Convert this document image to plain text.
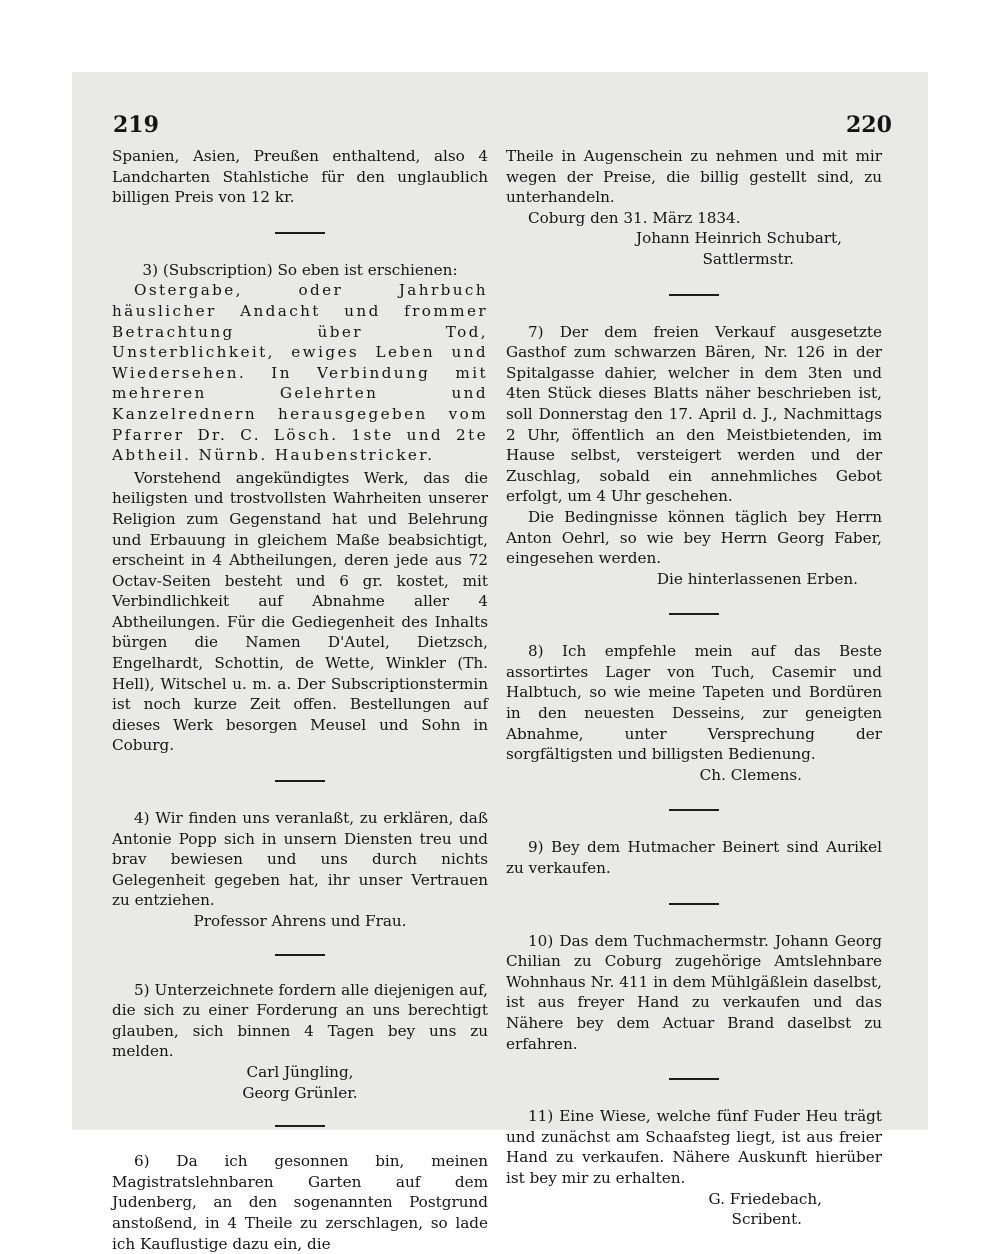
219	220

Spanien, Asien, Preußen enthaltend, also 4 Landcharten Stahlstiche für den unglaublich billigen Preis von 12 kr.

3) (Subscription) So eben ist erschienen:

Ostergabe, oder Jahrbuch häuslicher Andacht und frommer Betrachtung über Tod, Unsterblichkeit, ewiges Leben und Wiedersehen. In Verbindung mit mehreren Gelehrten und Kanzelrednern herausgegeben vom Pfarrer Dr. C. Lösch. 1ste und 2te Abtheil. Nürnb. Haubenstricker.

Vorstehend angekündigtes Werk, das die heiligsten und trostvollsten Wahrheiten unserer Religion zum Gegenstand hat und Belehrung und Erbauung in gleichem Maße beabsichtigt, erscheint in 4 Abtheilungen, deren jede aus 72 Octav-Seiten besteht und 6 gr. kostet, mit Verbindlichkeit auf Abnahme aller 4 Abtheilungen. Für die Gediegenheit des Inhalts bürgen die Namen D'Autel, Dietzsch, Engelhardt, Schottin, de Wette, Winkler (Th. Hell), Witschel u. m. a. Der Subscriptionstermin ist noch kurze Zeit offen. Bestellungen auf dieses Werk besorgen Meusel und Sohn in Coburg.

4) Wir finden uns veranlaßt, zu erklären, daß Antonie Popp sich in unsern Diensten treu und brav bewiesen und uns durch nichts Gelegenheit gegeben hat, ihr unser Vertrauen zu entziehen.

Professor Ahrens und Frau.

5) Unterzeichnete fordern alle diejenigen auf, die sich zu einer Forderung an uns berechtigt glauben, sich binnen 4 Tagen bey uns zu melden.

Carl Jüngling,

Georg Grünler.

6) Da ich gesonnen bin, meinen Magistratslehnbaren Garten auf dem Judenberg, an den sogenannten Postgrund anstoßend, in 4 Theile zu zerschlagen, so lade ich Kauflustige dazu ein, die

Theile in Augenschein zu nehmen und mit mir wegen der Preise, die billig gestellt sind, zu unterhandeln.

Coburg den 31. März 1834.

Johann Heinrich Schubart,

Sattlermstr.

7) Der dem freien Verkauf ausgesetzte Gasthof zum schwarzen Bären, Nr. 126 in der Spitalgasse dahier, welcher in dem 3ten und 4ten Stück dieses Blatts näher beschrieben ist, soll Donnerstag den 17. April d. J., Nachmittags 2 Uhr, öffentlich an den Meistbietenden, im Hause selbst, versteigert werden und der Zuschlag, sobald ein annehmliches Gebot erfolgt, um 4 Uhr geschehen.

Die Bedingnisse können täglich bey Herrn Anton Oehrl, so wie bey Herrn Georg Faber, eingesehen werden.

Die hinterlassenen Erben.

8) Ich empfehle mein auf das Beste assortirtes Lager von Tuch, Casemir und Halbtuch, so wie meine Tapeten und Bordüren in den neuesten Desseins, zur geneigten Abnahme, unter Versprechung der sorgfältigsten und billigsten Bedienung.

Ch. Clemens.

9) Bey dem Hutmacher Beinert sind Aurikel zu verkaufen.

10) Das dem Tuchmachermstr. Johann Georg Chilian zu Coburg zugehörige Amtslehnbare Wohnhaus Nr. 411 in dem Mühlgäßlein daselbst, ist aus freyer Hand zu verkaufen und das Nähere bey dem Actuar Brand daselbst zu erfahren.

11) Eine Wiese, welche fünf Fuder Heu trägt und zunächst am Schaafsteg liegt, ist aus freier Hand zu verkaufen. Nähere Auskunft hierüber ist bey mir zu erhalten.

G. Friedebach,

Scribent.
